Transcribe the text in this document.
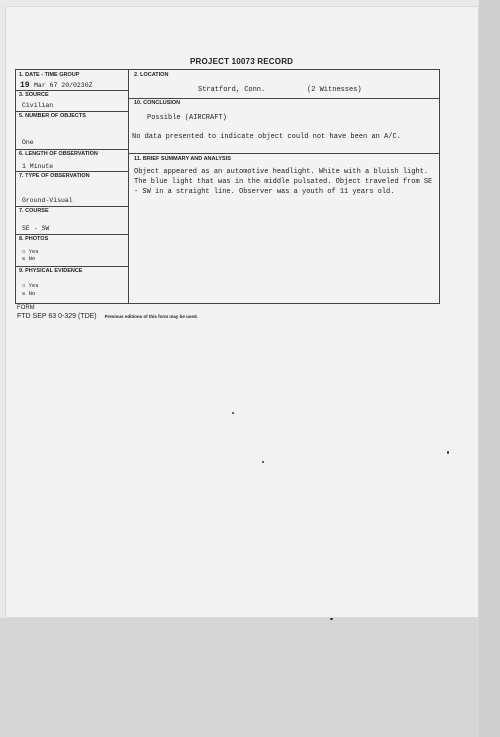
PROJECT 10073 RECORD
1. DATE - TIME GROUP
19 Mar 67 20/0230Z
3. SOURCE
Civilian
5. NUMBER OF OBJECTS
One
6. LENGTH OF OBSERVATION
1 Minute
7. TYPE OF OBSERVATION
Ground-Visual
7. COURSE
SE - SW
8. PHOTOS
☐ Yes
☒ No
9. PHYSICAL EVIDENCE
☐ Yes
☒ No
2. LOCATION
Stratford, Conn.	(2 Witnesses)
10. CONCLUSION
Possible (AIRCRAFT)
No data presented to indicate object could not have been an A/C.
11. BRIEF SUMMARY AND ANALYSIS
Object appeared as an automotive headlight. White with a bluish light. The blue light that was in the middle pulsated. Object traveled from SE - SW in a straight line. Observer was a youth of 11 years old.
FORM
FTD SEP 63 0-329 (TDE) Previous editions of this form may be used.
